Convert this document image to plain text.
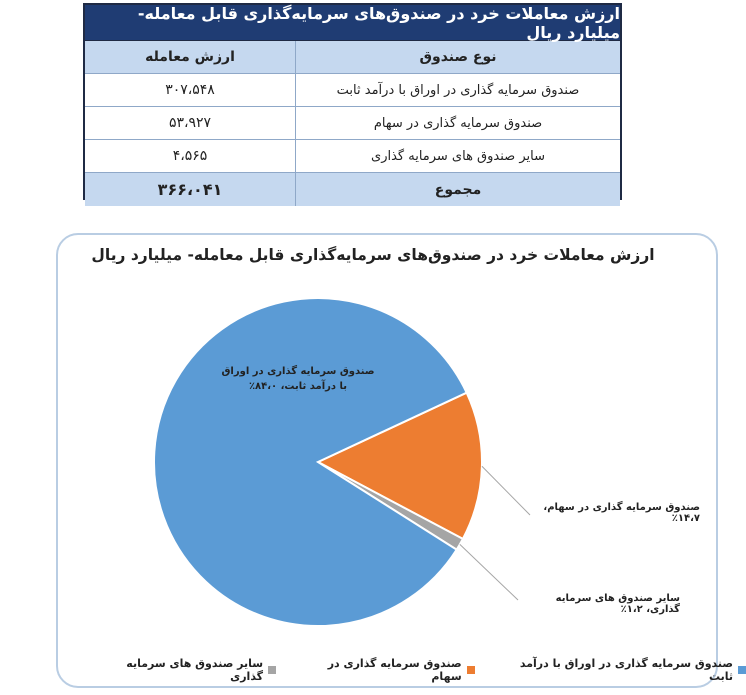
ارزش معاملات خرد در صندوق‌های سرمایه‌گذاری قابل معامله- میلیارد ریال
نوع صندوق
ارزش معامله
صندوق سرمایه گذاری در اوراق با درآمد ثابت
۳۰۷،۵۴۸
صندوق سرمایه گذاری در سهام
۵۳،۹۲۷
سایر صندوق های سرمایه گذاری
۴،۵۶۵
مجموع
۳۶۶،۰۴۱
ارزش معاملات خرد در صندوق‌های سرمایه‌گذاری قابل معامله- میلیارد ریال
صندوق سرمایه گذاری در اوراق با درآمد ثابت، ۸۴،۰٪
صندوق سرمایه گذاری در سهام، ۱۴،۷٪
سایر صندوق های سرمایه گذاری، ۱،۲٪
صندوق سرمایه گذاری در اوراق با درآمد ثابت
صندوق سرمایه گذاری در سهام
سایر صندوق های سرمایه گذاری
